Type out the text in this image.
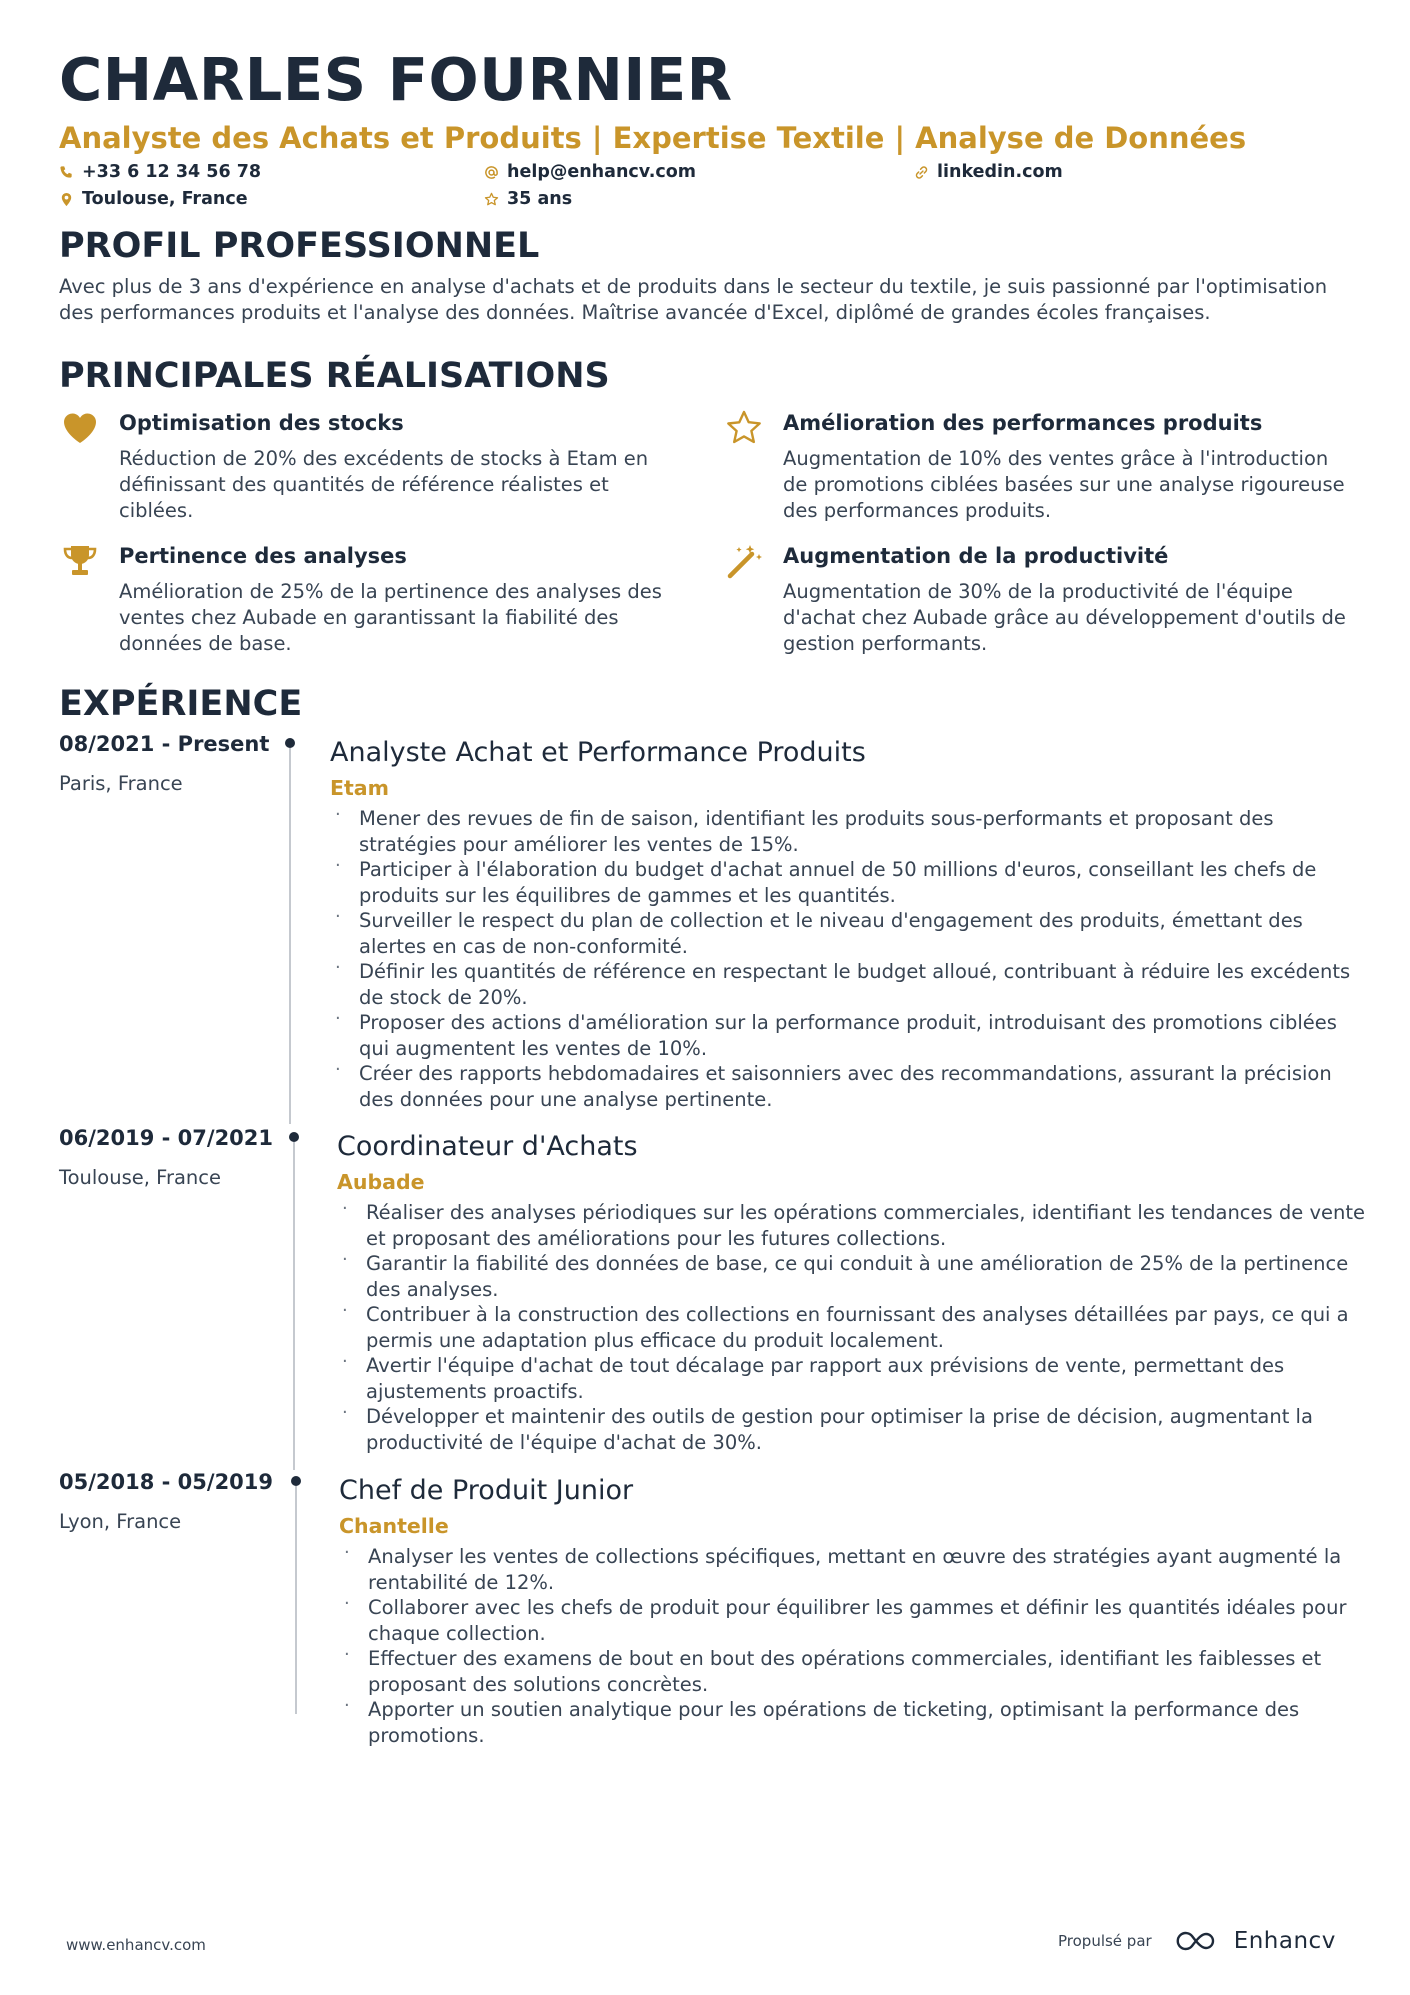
CHARLES FOURNIER
Analyste des Achats et Produits | Expertise Textile | Analyse de Données
+33 6 12 34 56 78	help@enhancv.com	linkedin.com
Toulouse, France	35 ans
PROFIL PROFESSIONNEL
Avec plus de 3 ans d'expérience en analyse d'achats et de produits dans le secteur du textile, je suis passionné par l'optimisation des performances produits et l'analyse des données. Maîtrise avancée d'Excel, diplômé de grandes écoles françaises.
PRINCIPALES RÉALISATIONS
Optimisation des stocks
Réduction de 20% des excédents de stocks à Etam en définissant des quantités de référence réalistes et ciblées.
Amélioration des performances produits
Augmentation de 10% des ventes grâce à l'introduction de promotions ciblées basées sur une analyse rigoureuse des performances produits.
Pertinence des analyses
Amélioration de 25% de la pertinence des analyses des ventes chez Aubade en garantissant la fiabilité des données de base.
Augmentation de la productivité
Augmentation de 30% de la productivité de l'équipe d'achat chez Aubade grâce au développement d'outils de gestion performants.
EXPÉRIENCE
08/2021 - Present
Paris, France
Analyste Achat et Performance Produits
Etam
· Mener des revues de fin de saison, identifiant les produits sous-performants et proposant des stratégies pour améliorer les ventes de 15%.
· Participer à l'élaboration du budget d'achat annuel de 50 millions d'euros, conseillant les chefs de produits sur les équilibres de gammes et les quantités.
· Surveiller le respect du plan de collection et le niveau d'engagement des produits, émettant des alertes en cas de non-conformité.
· Définir les quantités de référence en respectant le budget alloué, contribuant à réduire les excédents de stock de 20%.
· Proposer des actions d'amélioration sur la performance produit, introduisant des promotions ciblées qui augmentent les ventes de 10%.
· Créer des rapports hebdomadaires et saisonniers avec des recommandations, assurant la précision des données pour une analyse pertinente.
06/2019 - 07/2021
Toulouse, France
Coordinateur d'Achats
Aubade
· Réaliser des analyses périodiques sur les opérations commerciales, identifiant les tendances de vente et proposant des améliorations pour les futures collections.
· Garantir la fiabilité des données de base, ce qui conduit à une amélioration de 25% de la pertinence des analyses.
· Contribuer à la construction des collections en fournissant des analyses détaillées par pays, ce qui a permis une adaptation plus efficace du produit localement.
· Avertir l'équipe d'achat de tout décalage par rapport aux prévisions de vente, permettant des ajustements proactifs.
· Développer et maintenir des outils de gestion pour optimiser la prise de décision, augmentant la productivité de l'équipe d'achat de 30%.
05/2018 - 05/2019
Lyon, France
Chef de Produit Junior
Chantelle
· Analyser les ventes de collections spécifiques, mettant en œuvre des stratégies ayant augmenté la rentabilité de 12%.
· Collaborer avec les chefs de produit pour équilibrer les gammes et définir les quantités idéales pour chaque collection.
· Effectuer des examens de bout en bout des opérations commerciales, identifiant les faiblesses et proposant des solutions concrètes.
· Apporter un soutien analytique pour les opérations de ticketing, optimisant la performance des promotions.
www.enhancv.com	Propulsé par	Enhancv
